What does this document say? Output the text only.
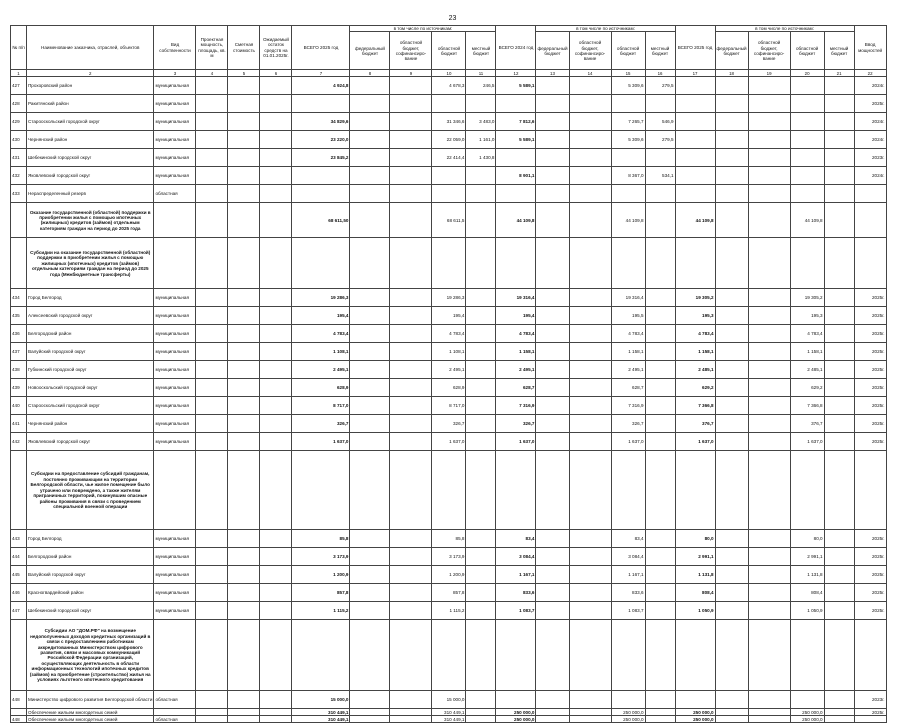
23
№ п/п	Наименование заказчика, отраслей, объектов	Вид собственности	Проектная мощность, площадь, кв. м	Сметная стоимость	Ожидаемый остаток средств на 01.01.2025г.	ВСЕГО 2025 год	в том числе по источникам:				ВСЕГО 2024 год	в том числе по источникам:				ВСЕГО 2025 год	в том числе по источникам:				Ввод мощностей
							федеральный бюджет	областной бюджет, софинансиро-вание	областной бюджет	местный бюджет		федеральный бюджет	областной бюджет, софинансиро-вание	областной бюджет	местный бюджет		федеральный бюджет	областной бюджет, софинансиро-вание	областной бюджет	местный бюджет	
1	2	3	4	5	6	7	8	9	10	11	12	13	14	15	16	17	18	19	20	21	22
427	Прохоровский район	муниципальная				4 924,8			4 678,3	246,5	5 589,1			5 309,6	279,5						2024г.
428	Ракитянский район	муниципальная																			2025г.
429	Старооскольский городской округ	муниципальная				34 829,6			31 346,6	3 483,0	7 812,6			7 265,7	546,9						2024г.
430	Чернянский район	муниципальная				23 220,0			22 059,0	1 161,0	5 589,1			5 309,6	279,5						2024г.
431	Шебекинский городской округ	муниципальная				23 845,2			22 414,4	1 430,8											2023г.
432	Яковлевский городской округ	муниципальная									8 901,1			8 367,0	534,1						2024г.
433	Нераспределенный резерв	областная																			
	Оказание государственной (областной) поддержки в приобретении жилья с помощью ипотечных (жилищных) кредитов (займов) отдельным категориям граждан на период до 2025 года					68 611,50			68 611,5		44 109,8			44 109,8		44 109,8			44 109,8		
	Субсидии на оказание государственной (областной) поддержки в приобретении жилья с помощью жилищных (ипотечных) кредитов (займов) отдельным категориям граждан на период до 2025 года (Межбюджетные трансферты)																				
434	Город Белгород	муниципальная				19 286,3			19 286,3		19 316,4			19 316,4		19 305,2			19 305,2		2025г.
435	Алексеевский городской округ	муниципальная				195,4			195,4		195,4			195,5		195,3			195,3		2025г.
436	Белгородский район	муниципальная				4 783,4			4 783,4		4 783,4			4 783,4		4 783,4			4 783,4		2025г.
437	Валуйский городской округ	муниципальная				1 108,1			1 108,1		1 158,1			1 158,1		1 158,1			1 158,1		2025г.
438	Губкинский городской округ	муниципальная				2 495,1			2 495,1		2 495,1			2 495,1		2 485,1			2 485,1		2025г.
439	Новооскольский городской округ	муниципальная				628,9			628,9		628,7			628,7		629,2			629,2		2025г.
440	Старооскольский городской округ	муниципальная				8 717,0			8 717,0		7 316,9			7 316,9		7 366,8			7 366,8		2025г.
441	Чернянский район	муниципальная				326,7			326,7		326,7			326,7		376,7			376,7		2025г.
442	Яковлевский городской округ	муниципальная				1 637,0			1 637,0		1 637,0			1 637,0		1 637,0			1 637,0		2025г.
	Субсидии на предоставление субсидий гражданам, постоянно проживающим на территории Белгородской области, чье жилое помещение было утрачено или повреждено, а также жителям приграничных территорий, покинувшим опасные районы проживания в связи с проведением специальной военной операции																				
443	Город Белгород	муниципальная				85,8			85,8		83,4			83,4		80,0			80,0		2025г.
444	Белгородский район	муниципальная				3 173,9			3 173,9		3 084,4			3 084,4		2 991,1			2 991,1		2025г.
445	Валуйский городской округ	муниципальная				1 200,9			1 200,9		1 167,1			1 167,1		1 131,8			1 131,8		2025г.
446	Красногвардейский район	муниципальная				857,8			857,8		833,6			833,6		808,4			808,4		2025г.
447	Шебекинский городской округ	муниципальная				1 115,2			1 115,2		1 083,7			1 083,7		1 050,9			1 050,9		2025г.
	Субсидии АО "ДОМ.РФ" на возмещение недополученных доходов кредитных организаций в связи с предоставлением работникам аккредитованных Министерством цифрового развития, связи и массовых коммуникаций Российской Федерации организаций, осуществляющих деятельность в области информационных технологий ипотечных кредитов (займов) на приобретение (строительство) жилья на условиях льготного ипотечного кредитования																				
448	Министерство цифрового развития Белгородской области	областная				15 000,0			15 000,0												2023г.
	Обеспечение жильем многодетных семей					310 449,1			310 449,1		250 000,0			250 000,0		250 000,0			250 000,0		2025г.
448	Обеспечение жильем многодетных семей	областная				310 449,1			310 449,1		250 000,0			250 000,0		250 000,0			250 000,0		
